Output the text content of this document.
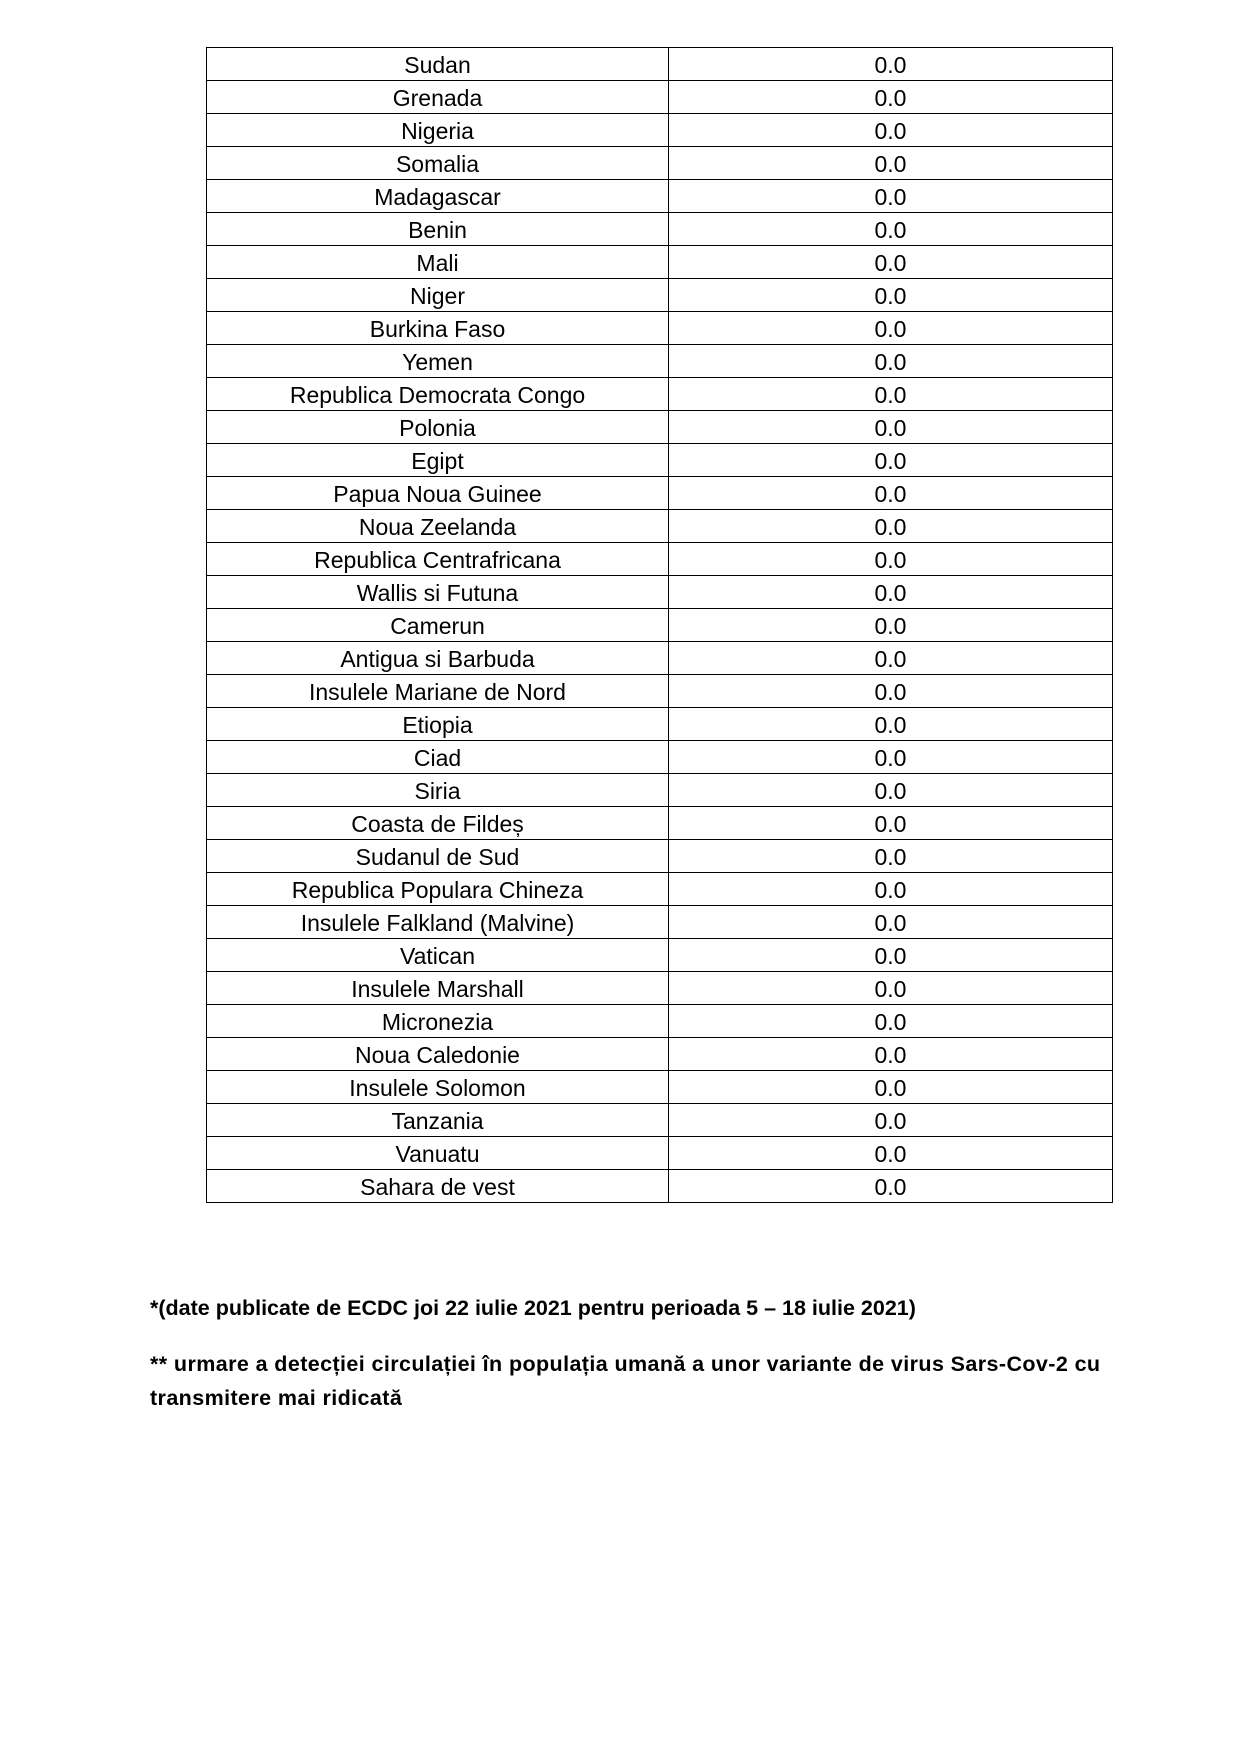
Sudan	0.0
Grenada	0.0
Nigeria	0.0
Somalia	0.0
Madagascar	0.0
Benin	0.0
Mali	0.0
Niger	0.0
Burkina Faso	0.0
Yemen	0.0
Republica Democrata Congo	0.0
Polonia	0.0
Egipt	0.0
Papua Noua Guinee	0.0
Noua Zeelanda	0.0
Republica Centrafricana	0.0
Wallis si Futuna	0.0
Camerun	0.0
Antigua si Barbuda	0.0
Insulele Mariane de Nord	0.0
Etiopia	0.0
Ciad	0.0
Siria	0.0
Coasta de Fildeș	0.0
Sudanul de Sud	0.0
Republica Populara Chineza	0.0
Insulele Falkland (Malvine)	0.0
Vatican	0.0
Insulele Marshall	0.0
Micronezia	0.0
Noua Caledonie	0.0
Insulele Solomon	0.0
Tanzania	0.0
Vanuatu	0.0
Sahara de vest	0.0
*(date publicate de ECDC joi 22 iulie 2021 pentru perioada 5 – 18 iulie 2021)
** urmare a detecției circulației în populația umană a unor variante de virus Sars-Cov-2 cu transmitere mai ridicată
